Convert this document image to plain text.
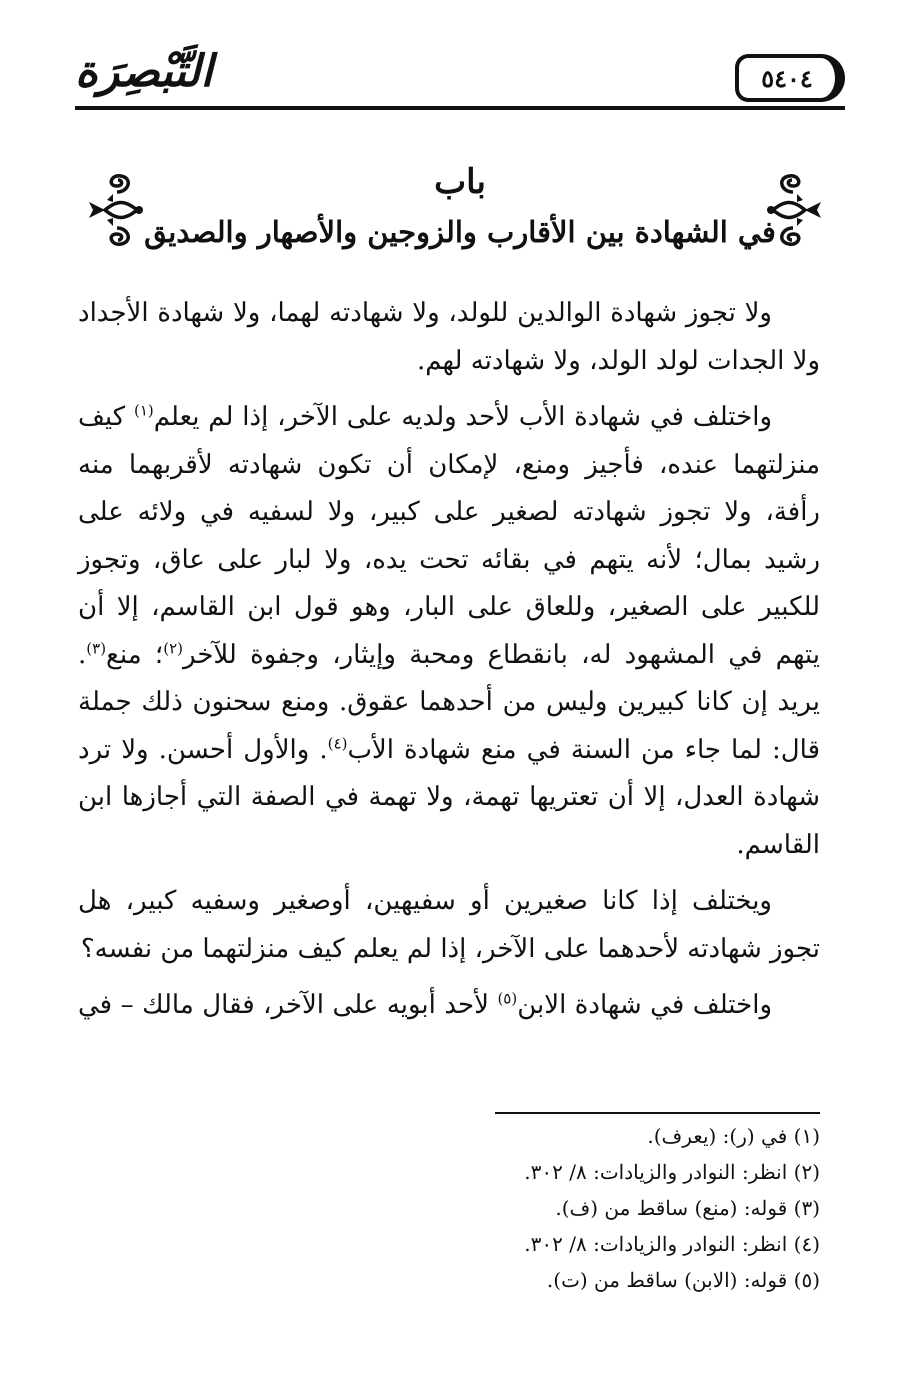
التَّبْصِرَة	٥٤٠٤
باب
في الشهادة بين الأقارب والزوجين والأصهار والصديق

ولا تجوز شهادة الوالدين للولد، ولا شهادته لهما، ولا شهادة الأجداد ولا الجدات لولد الولد، ولا شهادته لهم.

واختلف في شهادة الأب لأحد ولديه على الآخر، إذا لم يعلم$^{(١)}$ كيف منزلتهما عنده، فأجيز ومنع، لإمكان أن تكون شهادته لأقربهما منه رأفة، ولا تجوز شهادته لصغير على كبير، ولا لسفيه في ولائه على رشيد بمال؛ لأنه يتهم في بقائه تحت يده، ولا لبار على عاق، وتجوز للكبير على الصغير، وللعاق على البار، وهو قول ابن القاسم، إلا أن يتهم في المشهود له، بانقطاع ومحبة وإيثار، وجفوة للآخر$^{(٢)}$؛ منع$^{(٣)}$. يريد إن كانا كبيرين وليس من أحدهما عقوق. ومنع سحنون ذلك جملة قال: لما جاء من السنة في منع شهادة الأب$^{(٤)}$. والأول أحسن. ولا ترد شهادة العدل، إلا أن تعتريها تهمة، ولا تهمة في الصفة التي أجازها ابن القاسم.

ويختلف إذا كانا صغيرين أو سفيهين، أوصغير وسفيه كبير، هل تجوز شهادته لأحدهما على الآخر، إذا لم يعلم كيف منزلتهما من نفسه؟

واختلف في شهادة الابن$^{(٥)}$ لأحد أبويه على الآخر، فقال مالك – في

(١) في (ر): (يعرف).

(٢) انظر: النوادر والزيادات: ٨/ ٣٠٢.

(٣) قوله: (منع) ساقط من (ف).

(٤) انظر: النوادر والزيادات: ٨/ ٣٠٢.

(٥) قوله: (الابن) ساقط من (ت).
